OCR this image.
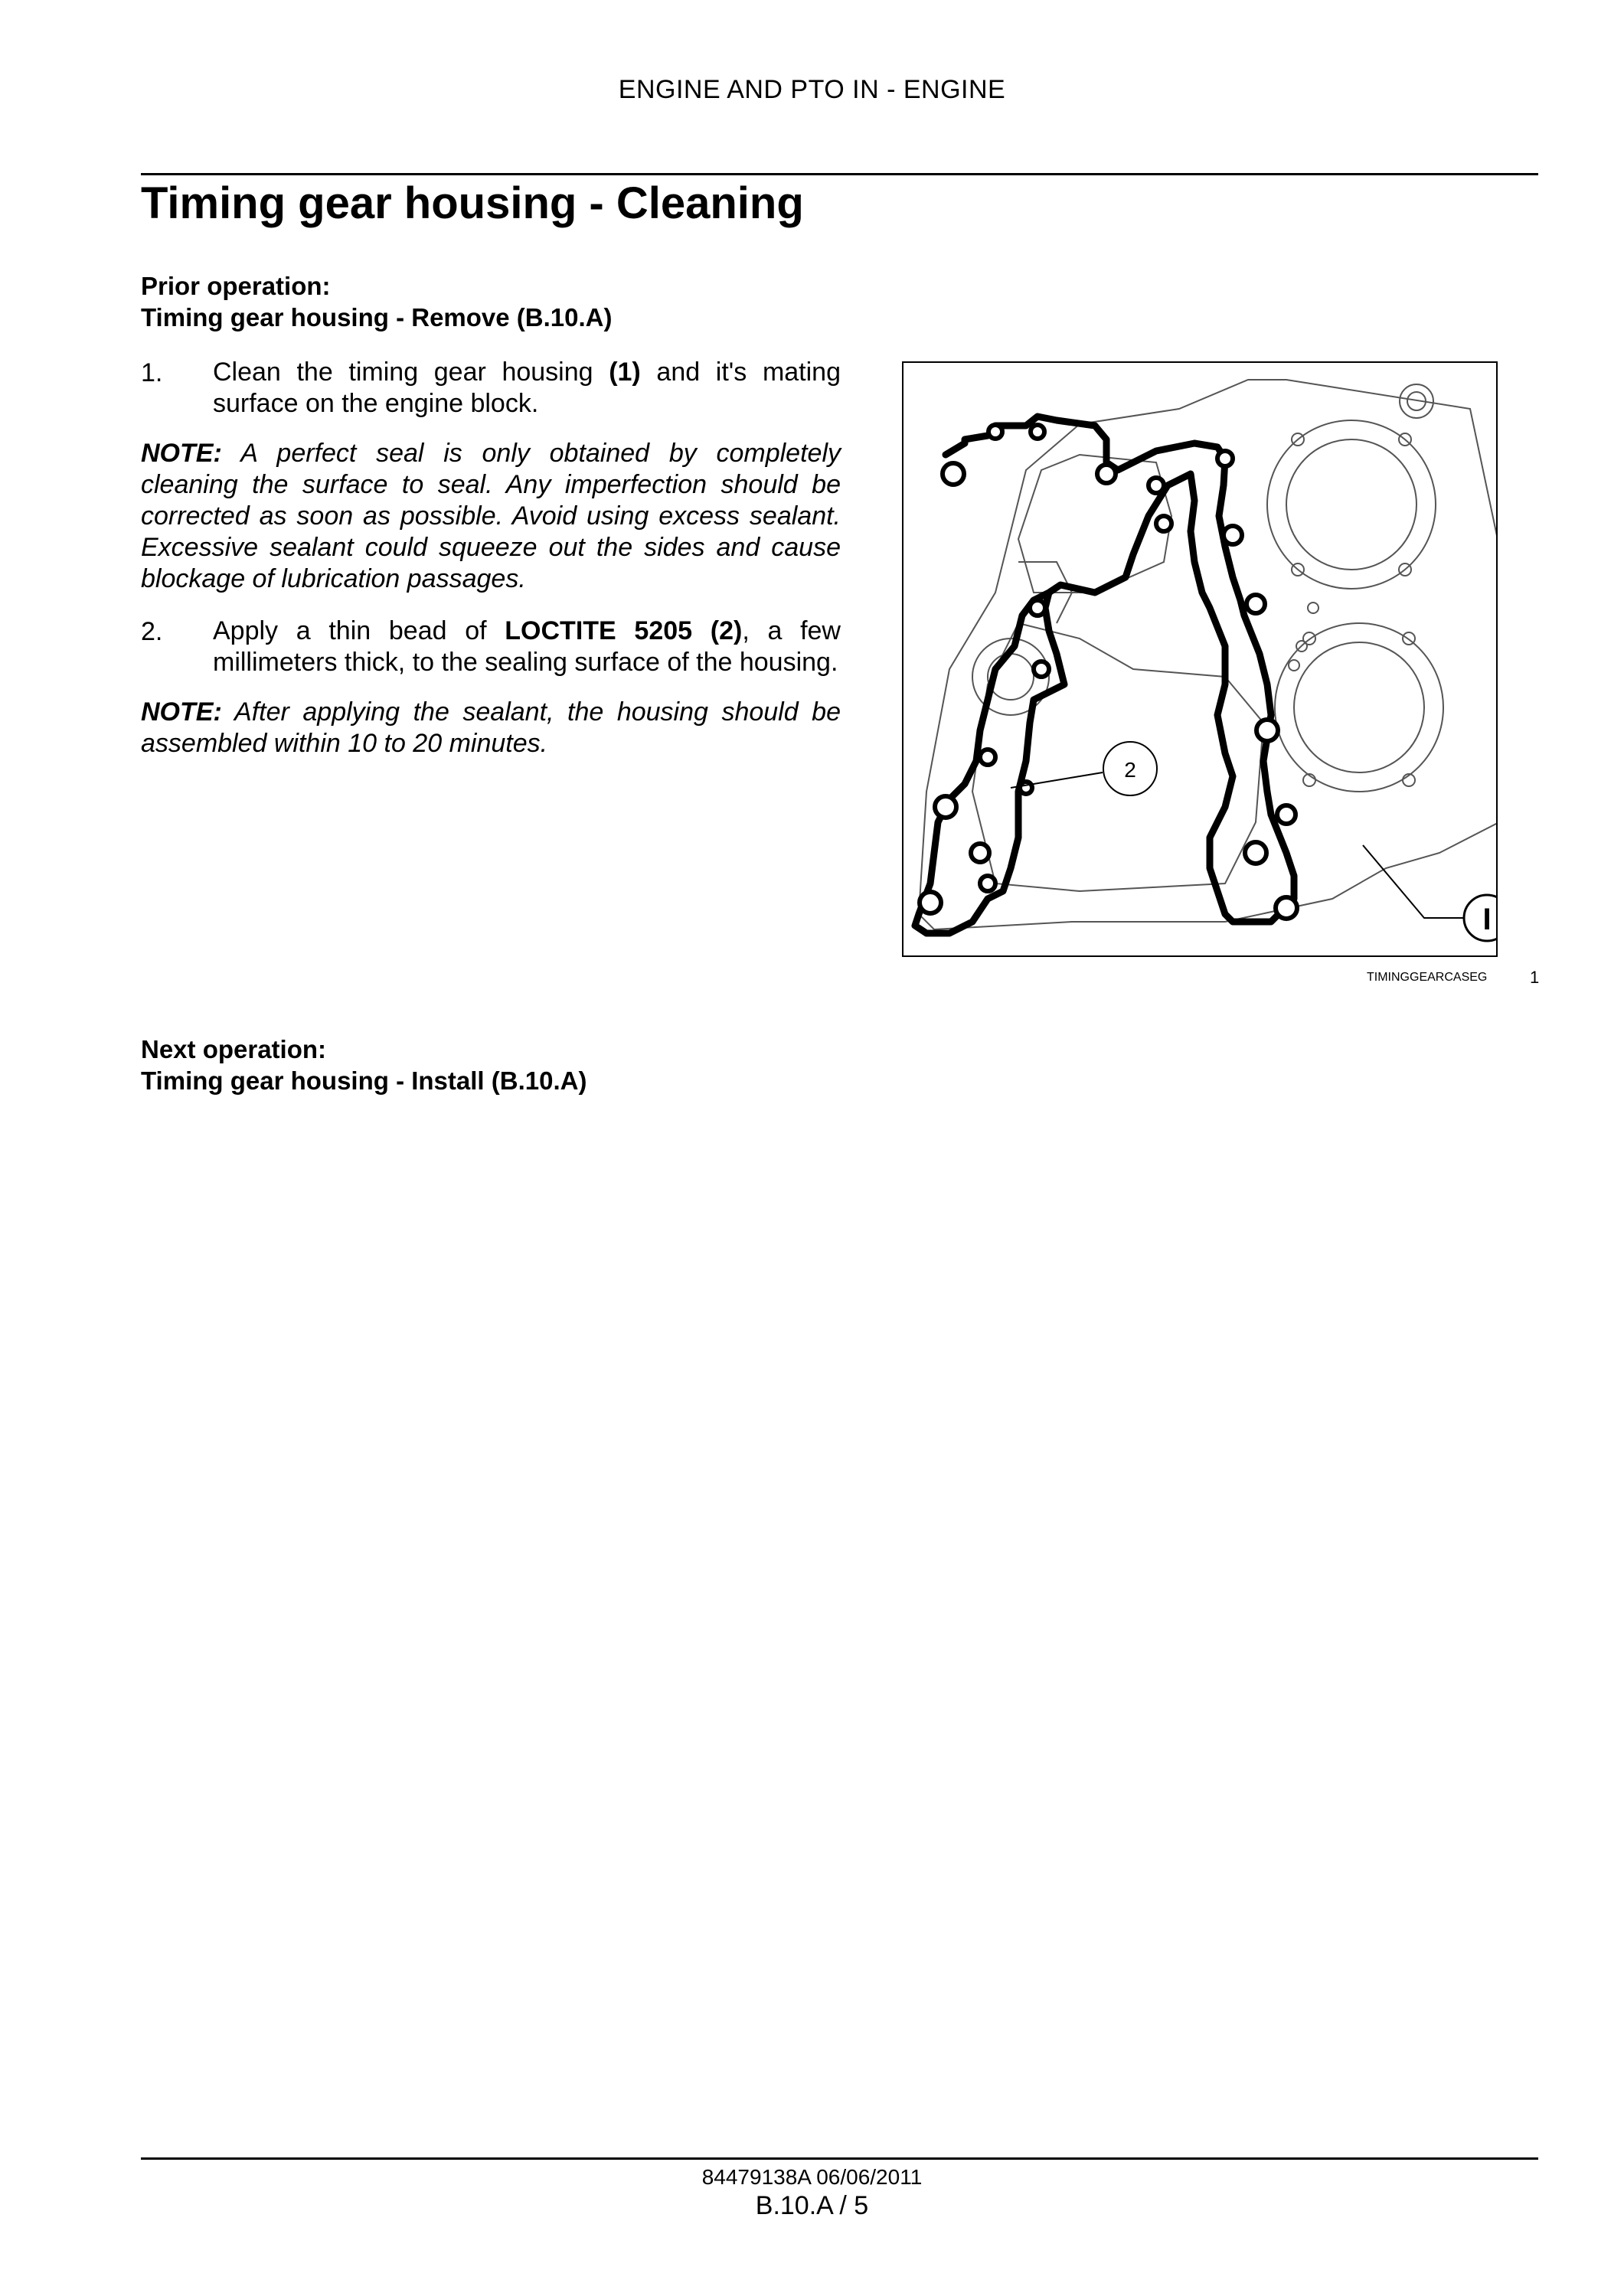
ENGINE AND PTO IN - ENGINE
Timing gear housing - Cleaning
Prior operation:
Timing gear housing - Remove (B.10.A)
1. Clean the timing gear housing (1) and it's mating surface on the engine block.
NOTE: A perfect seal is only obtained by completely cleaning the surface to seal. Any imperfection should be corrected as soon as possible. Avoid using excess sealant. Excessive sealant could squeeze out the sides and cause blockage of lubrication passages.
2. Apply a thin bead of LOCTITE 5205 (2), a few millimeters thick, to the sealing surface of the housing.
NOTE: After applying the sealant, the housing should be assembled within 10 to 20 minutes.
2
I
TIMINGGEARCASEG	1
Next operation:
Timing gear housing - Install (B.10.A)
84479138A 06/06/2011
B.10.A / 5
